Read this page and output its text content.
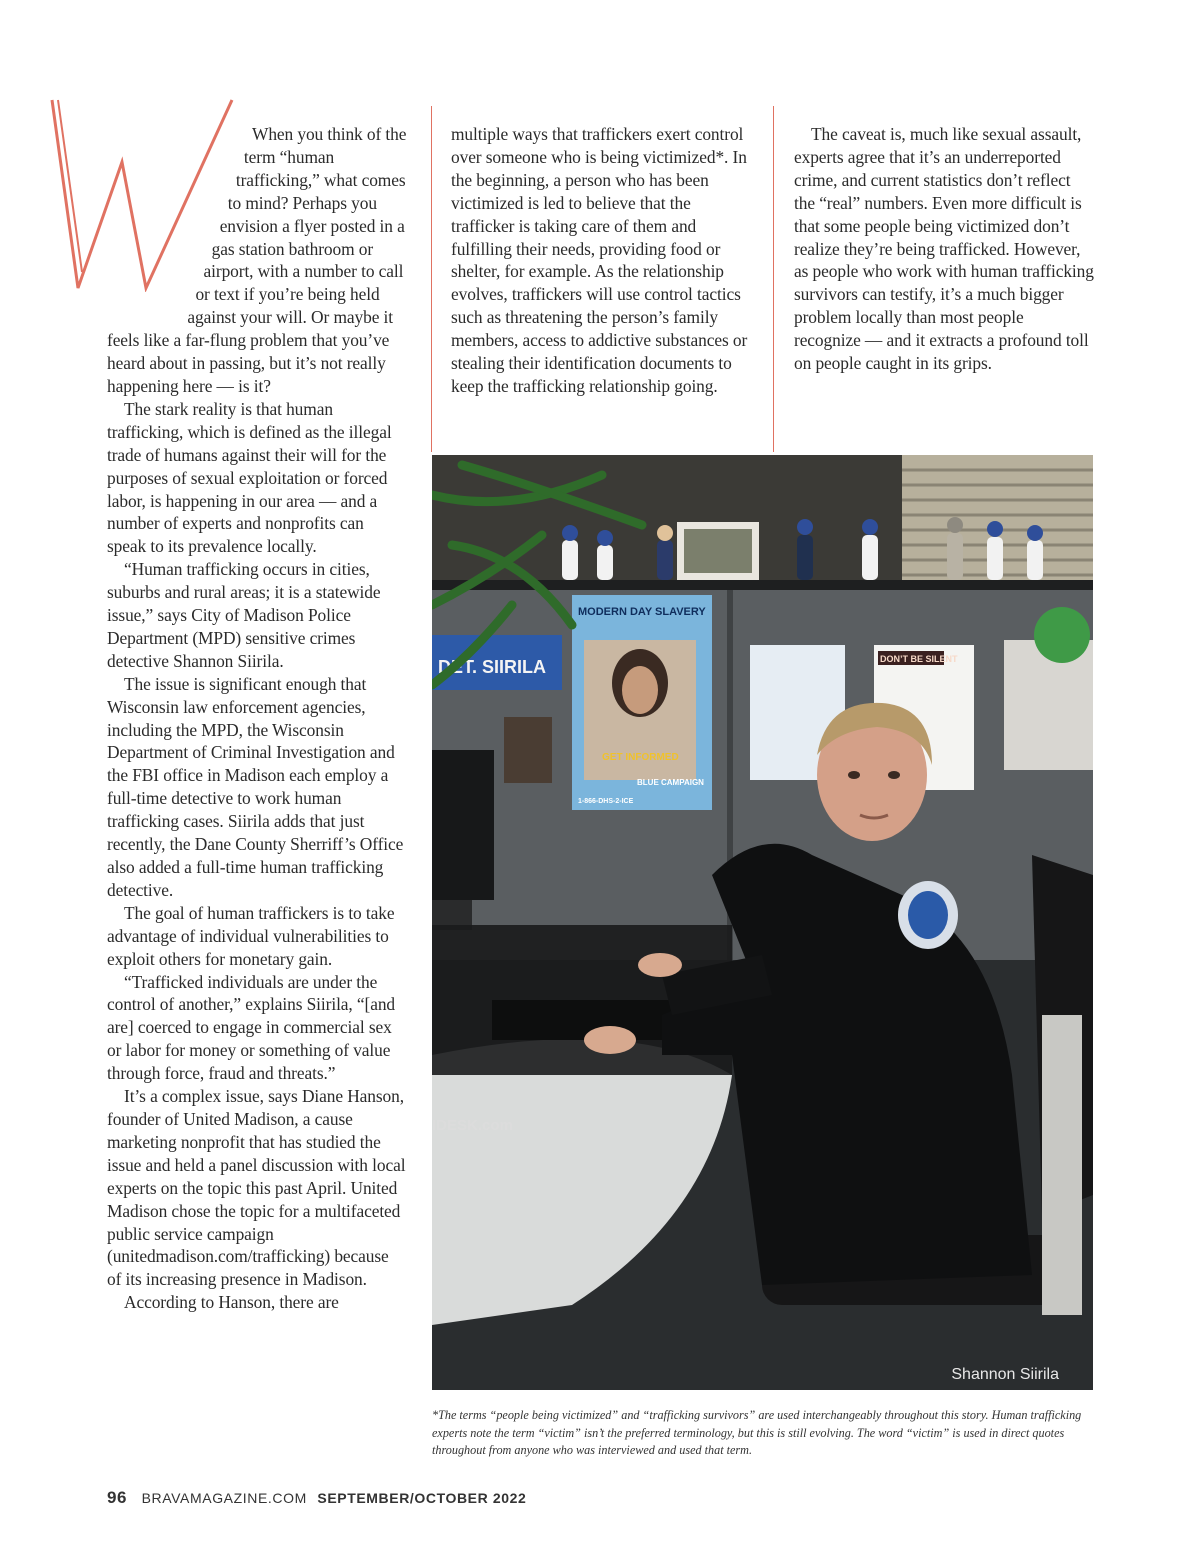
When you think of the term “human trafficking,” what comes to mind? Perhaps you envision a flyer posted in a gas station bathroom or airport, with a number to call or text if you’re being held against your will. Or maybe it feels like a far-flung problem that you’ve heard about in passing, but it’s not really happening here — is it?

The stark reality is that human trafficking, which is defined as the illegal trade of humans against their will for the purposes of sexual exploitation or forced labor, is happening in our area — and a number of experts and nonprofits can speak to its prevalence locally.

“Human trafficking occurs in cities, suburbs and rural areas; it is a statewide issue,” says City of Madison Police Department (MPD) sensitive crimes detective Shannon Siirila.

The issue is significant enough that Wisconsin law enforcement agencies, including the MPD, the Wisconsin Department of Criminal Investigation and the FBI office in Madison each employ a full-time detective to work human trafficking cases. Siirila adds that just recently, the Dane County Sherriff’s Office also added a full-time human trafficking detective.

The goal of human traffickers is to take advantage of individual vulnerabilities to exploit others for monetary gain.

“Trafficked individuals are under the control of another,” explains Siirila, “[and are] coerced to engage in commercial sex or labor for money or something of value through force, fraud and threats.”

It’s a complex issue, says Diane Hanson, founder of United Madison, a cause marketing nonprofit that has studied the issue and held a panel discussion with local experts on the topic this past April. United Madison chose the topic for a multifaceted public service campaign (unitedmadison.com/trafficking) because of its increasing presence in Madison.

According to Hanson, there are

multiple ways that traffickers exert control over someone who is being victimized*. In the beginning, a person who has been victimized is led to believe that the trafficker is taking care of them and fulfilling their needs, providing food or shelter, for example. As the relationship evolves, traffickers will use control tactics such as threatening the person’s family members, access to addictive substances or stealing their identification documents to keep the trafficking relationship going.

The caveat is, much like sexual assault, experts agree that it’s an underreported crime, and current statistics don’t reflect the “real” numbers. Even more difficult is that some people being victimized don’t realize they’re being trafficked. However, as people who work with human trafficking survivors can testify, it’s a much bigger problem locally than most people recognize — and it extracts a profound toll on people caught in its grips.

DET. SIIRILA
MODERN DAY SLAVERY
GET INFORMED
BLUE CAMPAIGN
1-866-DHS-2-ICE
DON’T BE SILENT
IDESK.com
Shannon Siirila
*The terms “people being victimized” and “trafficking survivors” are used interchangeably throughout this story. Human trafficking experts note the term “victim” isn’t the preferred terminology, but this is still evolving. The word “victim” is used in direct quotes throughout from anyone who was interviewed and used that term.
96 BRAVAMAGAZINE.COM SEPTEMBER/OCTOBER 2022
